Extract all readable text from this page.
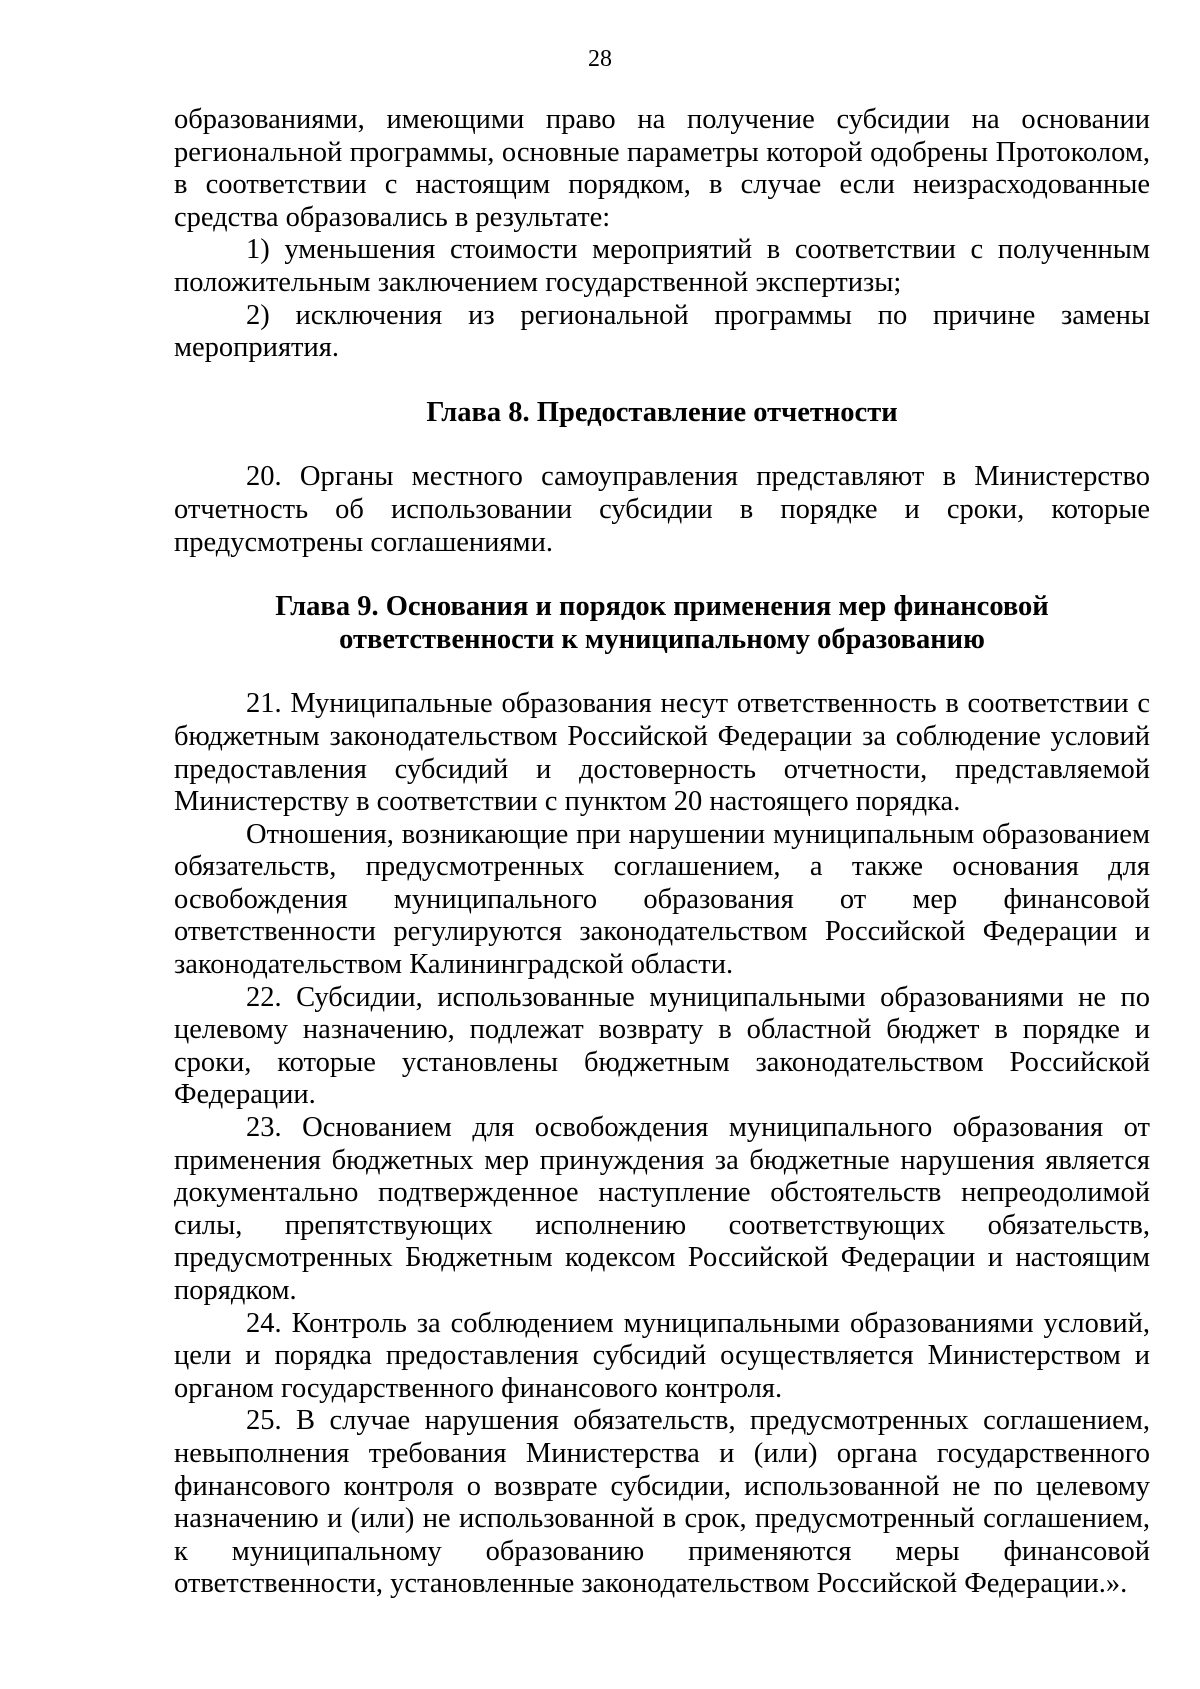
28

образованиями, имеющими право на получение субсидии на основании региональной программы, основные параметры которой одобрены Протоколом, в соответствии с настоящим порядком, в случае если неизрасходованные средства образовались в результате:

1) уменьшения стоимости мероприятий в соответствии с полученным положительным заключением государственной экспертизы;

2) исключения из региональной программы по причине замены мероприятия.

Глава 8. Предоставление отчетности

20. Органы местного самоуправления представляют в Министерство отчетность об использовании субсидии в порядке и сроки, которые предусмотрены соглашениями.

Глава 9. Основания и порядок применения мер финансовой

ответственности к муниципальному образованию

21. Муниципальные образования несут ответственность в соответствии с бюджетным законодательством Российской Федерации за соблюдение условий предоставления субсидий и достоверность отчетности, представляемой Министерству в соответствии с пунктом 20 настоящего порядка.

Отношения, возникающие при нарушении муниципальным образованием обязательств, предусмотренных соглашением, а также основания для освобождения муниципального образования от мер финансовой ответственности регулируются законодательством Российской Федерации и законодательством Калининградской области.

22. Субсидии, использованные муниципальными образованиями не по целевому назначению, подлежат возврату в областной бюджет в порядке и сроки, которые установлены бюджетным законодательством Российской Федерации.

23. Основанием для освобождения муниципального образования от применения бюджетных мер принуждения за бюджетные нарушения является документально подтвержденное наступление обстоятельств непреодолимой силы, препятствующих исполнению соответствующих обязательств, предусмотренных Бюджетным кодексом Российской Федерации и настоящим порядком.

24. Контроль за соблюдением муниципальными образованиями условий, цели и порядка предоставления субсидий осуществляется Министерством и органом государственного финансового контроля.

25. В случае нарушения обязательств, предусмотренных соглашением, невыполнения требования Министерства и (или) органа государственного финансового контроля о возврате субсидии, использованной не по целевому назначению и (или) не использованной в срок, предусмотренный соглашением, к муниципальному образованию применяются меры финансовой ответственности, установленные законодательством Российской Федерации.».
